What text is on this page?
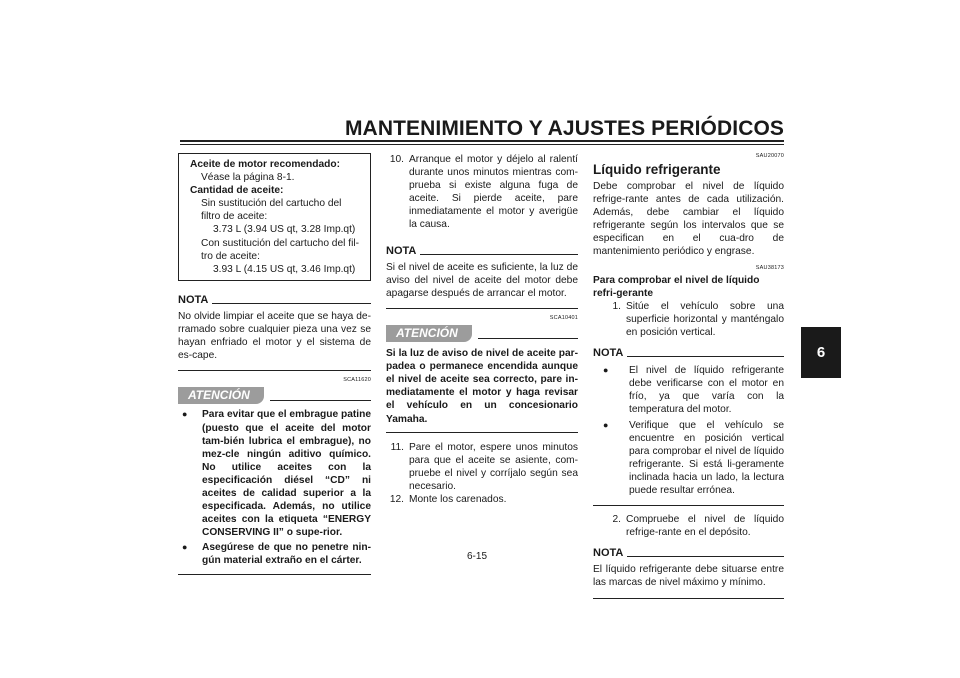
MANTENIMIENTO Y AJUSTES PERIÓDICOS
6
6-15
Aceite de motor recomendado:
Véase la página 8-1.
Cantidad de aceite:
Sin sustitución del cartucho del filtro de aceite:
3.73 L (3.94 US qt, 3.28 Imp.qt)
Con sustitución del cartucho del fil-tro de aceite:
3.93 L (4.15 US qt, 3.46 Imp.qt)
NOTA

No olvide limpiar el aceite que se haya de-rramado sobre cualquier pieza una vez se hayan enfriado el motor y el sistema de es-cape.

SCA11620
ATENCIÓN
●	Para evitar que el embrague patine (puesto que el aceite del motor tam-bién lubrica el embrague), no mez-cle ningún aditivo químico. No utilice aceites con la especificación diésel “CD” ni aceites de calidad superior a la especificada. Además, no utilice aceites con la etiqueta “ENERGY CONSERVING II” o supe-rior.
●	Asegúrese de que no penetre nin-gún material extraño en el cárter.
10. Arranque el motor y déjelo al ralentí durante unos minutos mientras com-prueba si existe alguna fuga de aceite. Si pierde aceite, pare inmediatamente el motor y averigüe la causa.
NOTA

Si el nivel de aceite es suficiente, la luz de aviso del nivel de aceite del motor debe apagarse después de arrancar el motor.

SCA10401
ATENCIÓN

Si la luz de aviso de nivel de aceite par-padea o permanece encendida aunque el nivel de aceite sea correcto, pare in-mediatamente el motor y haga revisar el vehículo en un concesionario Yamaha.

11. Pare el motor, espere unos minutos para que el aceite se asiente, com-pruebe el nivel y corríjalo según sea necesario.
12. Monte los carenados.
SAU20070
Líquido refrigerante

Debe comprobar el nivel de líquido refrige-rante antes de cada utilización. Además, debe cambiar el líquido refrigerante según los intervalos que se especifican en el cua-dro de mantenimiento periódico y engrase.

SAU38173
Para comprobar el nivel de líquido refri-gerante
1. Sitúe el vehículo sobre una superficie horizontal y manténgalo en posición vertical.
NOTA
●	El nivel de líquido refrigerante debe verificarse con el motor en frío, ya que varía con la temperatura del motor.
●	Verifique que el vehículo se encuentre en posición vertical para comprobar el nivel de líquido refrigerante. Si está li-geramente inclinada hacia un lado, la lectura puede resultar errónea.
2. Compruebe el nivel de líquido refrige-rante en el depósito.
NOTA

El líquido refrigerante debe situarse entre las marcas de nivel máximo y mínimo.
